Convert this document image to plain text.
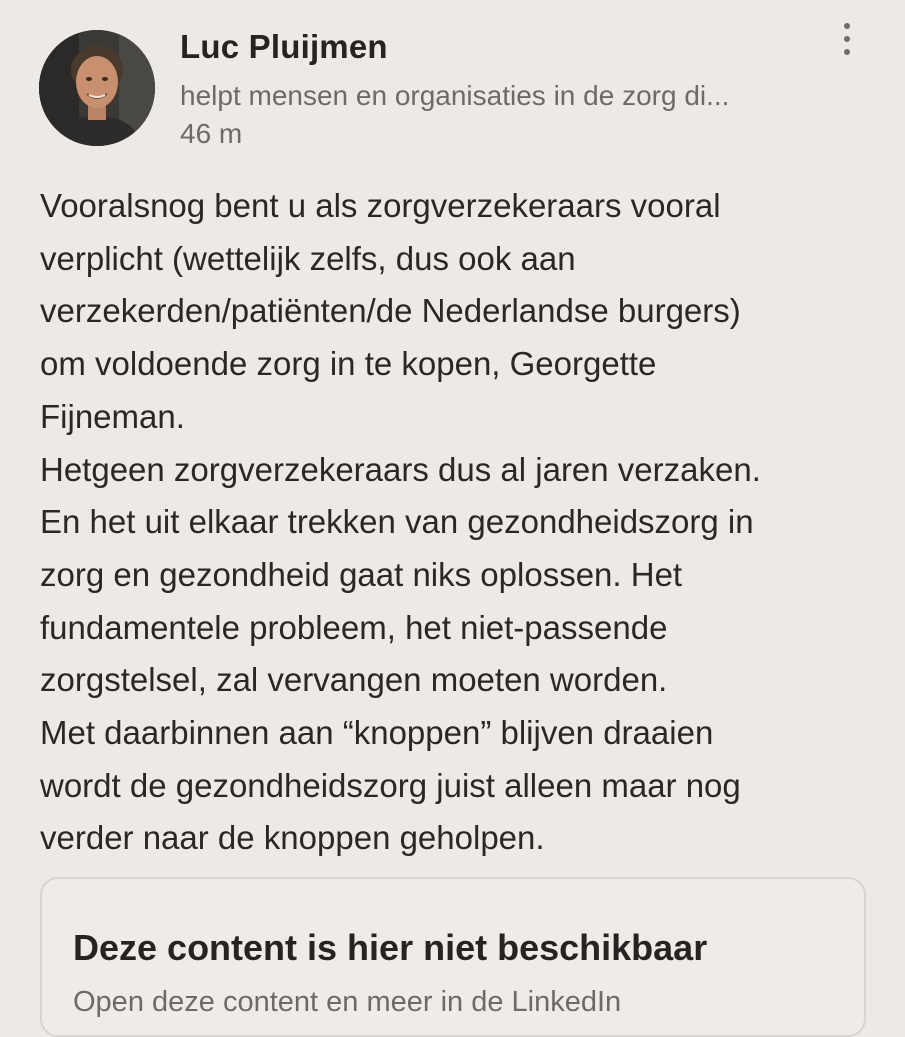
Luc Pluijmen
helpt mensen en organisaties in de zorg di...
46 m
Vooralsnog bent u als zorgverzekeraars vooral
verplicht (wettelijk zelfs, dus ook aan
verzekerden/patiënten/de Nederlandse burgers)
om voldoende zorg in te kopen, Georgette
Fijneman.
Hetgeen zorgverzekeraars dus al jaren verzaken.
En het uit elkaar trekken van gezondheidszorg in
zorg en gezondheid gaat niks oplossen. Het
fundamentele probleem, het niet-passende
zorgstelsel, zal vervangen moeten worden.
Met daarbinnen aan “knoppen” blijven draaien
wordt de gezondheidszorg juist alleen maar nog
verder naar de knoppen geholpen.
Deze content is hier niet beschikbaar
Open deze content en meer in de LinkedIn
